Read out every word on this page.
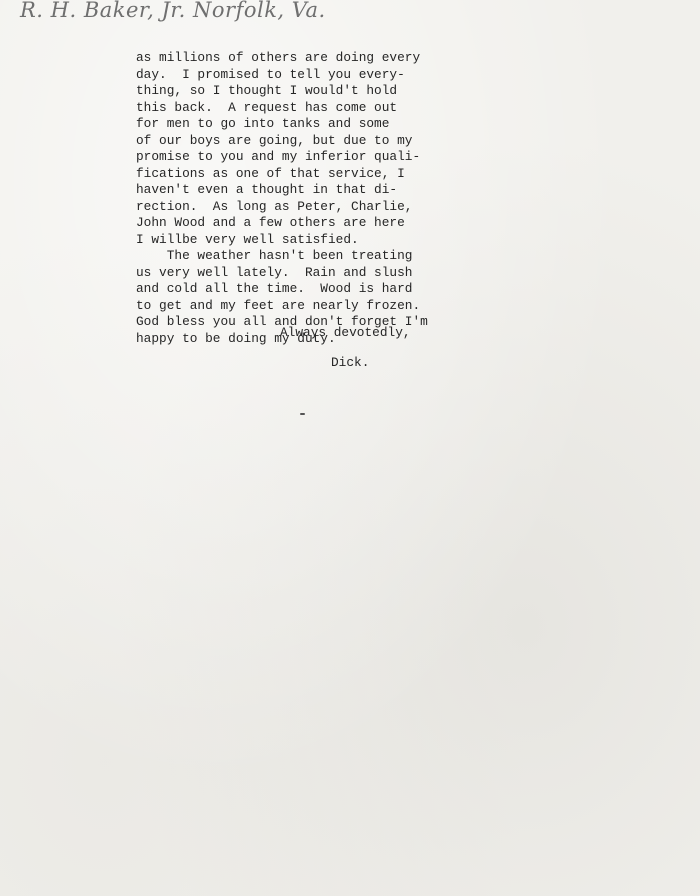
R. H. Baker, Jr. Norfolk, Va.
as millions of others are doing every
day.  I promised to tell you every-
thing, so I thought I would't hold
this back.  A request has come out
for men to go into tanks and some
of our boys are going, but due to my
promise to you and my inferior quali-
fications as one of that service, I
haven't even a thought in that di-
rection.  As long as Peter, Charlie,
John Wood and a few others are here
I willbe very well satisfied.
The weather hasn't been treating
us very well lately.  Rain and slush
and cold all the time.  Wood is hard
to get and my feet are nearly frozen.
God bless you all and don't forget I'm
happy to be doing my duty.
Always devotedly,
Dick.
